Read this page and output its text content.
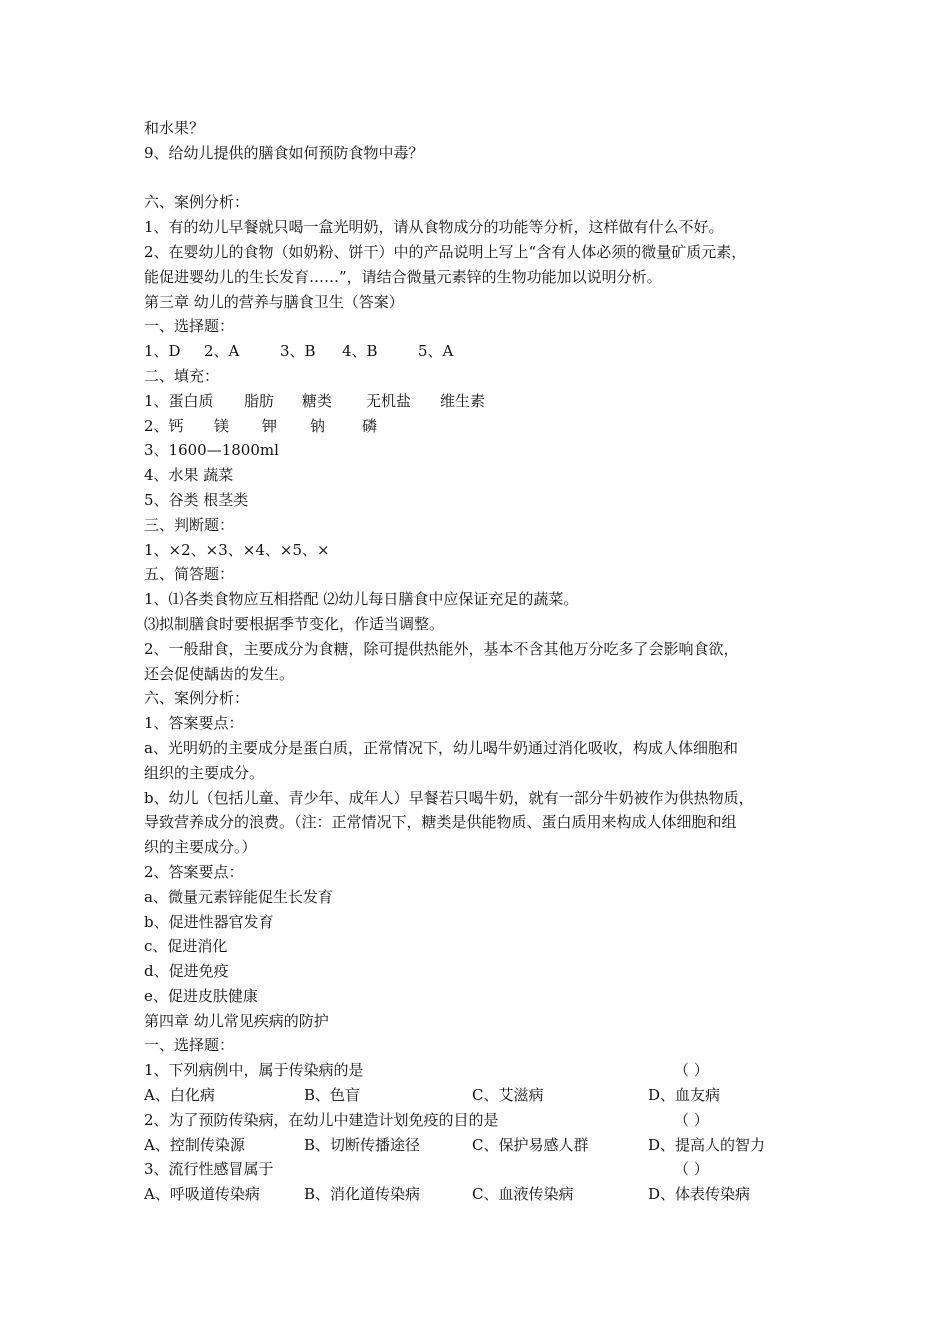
和水果？
9、给幼儿提供的膳食如何预防食物中毒？
六、案例分析：
1、有的幼儿早餐就只喝一盒光明奶，请从食物成分的功能等分析，这样做有什么不好。
2、在婴幼儿的食物（如奶粉、饼干）中的产品说明上写上“含有人体必须的微量矿质元素，
能促进婴幼儿的生长发育……”，请结合微量元素锌的生物功能加以说明分析。
第三章 幼儿的营养与膳食卫生（答案）
一、选择题：
1、D 2、A	3、B 4、B	5、A
二、填充：
1、蛋白质 脂肪 糖类 无机盐 维生素
2、钙 镁 钾 钠 磷
3、1600—1800ml
4、水果 蔬菜
5、谷类 根茎类
三、判断题：
1、×2、×3、×4、×5、×
五、简答题：
1、⑴各类食物应互相搭配 ⑵幼儿每日膳食中应保证充足的蔬菜。
⑶拟制膳食时要根据季节变化，作适当调整。
2、一般甜食，主要成分为食糖，除可提供热能外，基本不含其他万分吃多了会影响食欲，
还会促使龋齿的发生。
六、案例分析：
1、答案要点：
a、光明奶的主要成分是蛋白质，正常情况下，幼儿喝牛奶通过消化吸收，构成人体细胞和
组织的主要成分。
b、幼儿（包括儿童、青少年、成年人）早餐若只喝牛奶，就有一部分牛奶被作为供热物质，
导致营养成分的浪费。（注：正常情况下，糖类是供能物质、蛋白质用来构成人体细胞和组
织的主要成分。）
2、答案要点：
a、微量元素锌能促生长发育
b、促进性器官发育
c、促进消化
d、促进免疫
e、促进皮肤健康
第四章 幼儿常见疾病的防护
一、选择题：
1、下列病例中，属于传染病的是	（ ）
A、白化病	B、色盲	C、艾滋病	D、血友病
2、为了预防传染病，在幼儿中建造计划免疫的目的是	（ ）
A、控制传染源	B、切断传播途径	C、保护易感人群	D、提高人的智力
3、流行性感冒属于	（ ）
A、呼吸道传染病	B、消化道传染病	C、血液传染病	D、体表传染病
